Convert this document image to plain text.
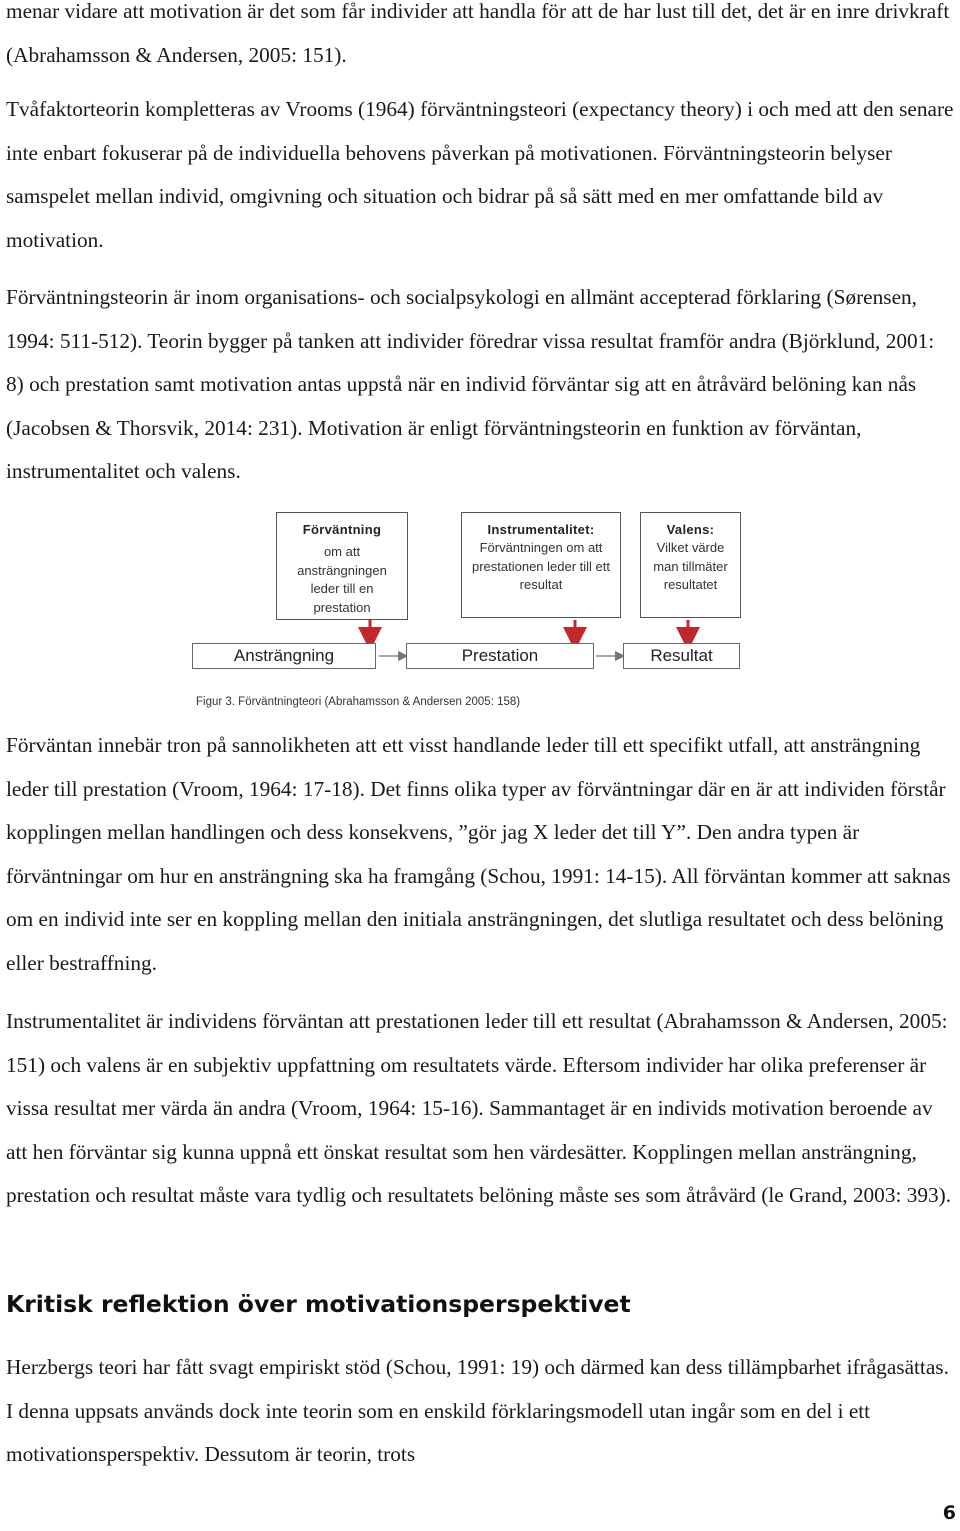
menar vidare att motivation är det som får individer att handla för att de har lust till det, det är en inre drivkraft (Abrahamsson & Andersen, 2005: 151).

Tvåfaktorteorin kompletteras av Vrooms (1964) förväntningsteori (expectancy theory) i och med att den senare inte enbart fokuserar på de individuella behovens påverkan på motivationen. Förväntningsteorin belyser samspelet mellan individ, omgivning och situation och bidrar på så sätt med en mer omfattande bild av motivation.

Förväntningsteorin är inom organisations- och socialpsykologi en allmänt accepterad förklaring (Sørensen, 1994: 511-512). Teorin bygger på tanken att individer föredrar vissa resultat framför andra (Björklund, 2001: 8) och prestation samt motivation antas uppstå när en individ förväntar sig att en åtråvärd belöning kan nås (Jacobsen & Thorsvik, 2014: 231). Motivation är enligt förväntningsteorin en funktion av förväntan, instrumentalitet och valens.

Förväntning
om att ansträngningen leder till en prestation
Instrumentalitet:
Förväntningen om att prestationen leder till ett resultat
Valens:
Vilket värde man tillmäter resultatet
Ansträngning	Prestation	Resultat
Figur 3. Förväntningteori (Abrahamsson & Andersen 2005: 158)

Förväntan innebär tron på sannolikheten att ett visst handlande leder till ett specifikt utfall, att ansträngning leder till prestation (Vroom, 1964: 17-18). Det finns olika typer av förväntningar där en är att individen förstår kopplingen mellan handlingen och dess konsekvens, ”gör jag X leder det till Y”. Den andra typen är förväntningar om hur en ansträngning ska ha framgång (Schou, 1991: 14-15). All förväntan kommer att saknas om en individ inte ser en koppling mellan den initiala ansträngningen, det slutliga resultatet och dess belöning eller bestraffning.

Instrumentalitet är individens förväntan att prestationen leder till ett resultat (Abrahamsson & Andersen, 2005: 151) och valens är en subjektiv uppfattning om resultatets värde. Eftersom individer har olika preferenser är vissa resultat mer värda än andra (Vroom, 1964: 15-16). Sammantaget är en individs motivation beroende av att hen förväntar sig kunna uppnå ett önskat resultat som hen värdesätter. Kopplingen mellan ansträngning, prestation och resultat måste vara tydlig och resultatets belöning måste ses som åtråvärd (le Grand, 2003: 393).

Kritisk reflektion över motivationsperspektivet

Herzbergs teori har fått svagt empiriskt stöd (Schou, 1991: 19) och därmed kan dess tillämpbarhet ifrågasättas. I denna uppsats används dock inte teorin som en enskild förklaringsmodell utan ingår som en del i ett motivationsperspektiv. Dessutom är teorin, trots

6
